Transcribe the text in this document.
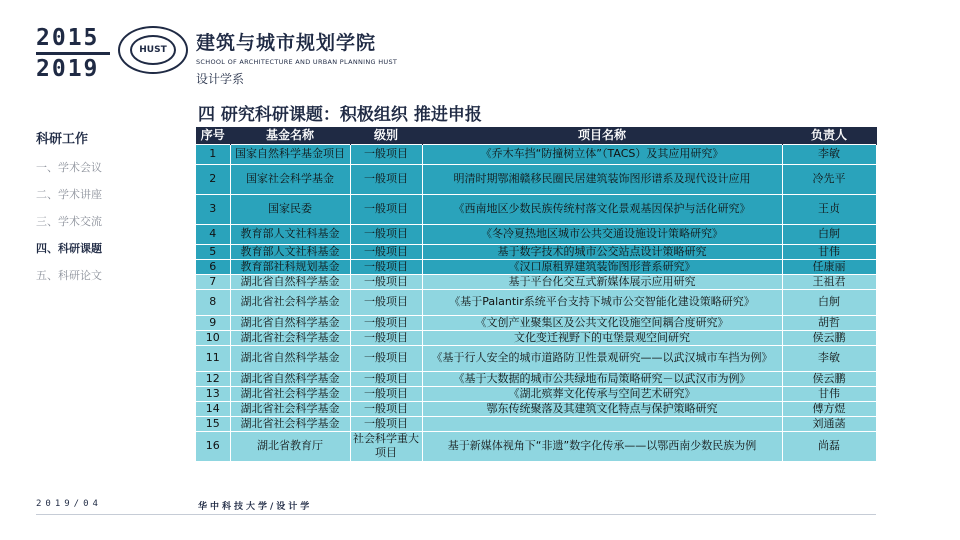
2015
2019
HUST	建筑与城市规划学院
SCHOOL OF ARCHITECTURE AND URBAN PLANNING HUST
设计学系
四 研究科研课题：积极组织 推进申报
科研工作
一、学术会议
二、学术讲座
三、学术交流
四、科研课题
五、科研论文
序号	基金名称	级别	项目名称	负责人
1	国家自然科学基金项目	一般项目	《乔木车挡“防撞树立体”（TACS）及其应用研究》	李敏
2	国家社会科学基金	一般项目	明清时期鄂湘赣移民圈民居建筑装饰图形谱系及现代设计应用	冷先平
3	国家民委	一般项目	《西南地区少数民族传统村落文化景观基因保护与活化研究》	王贞
4	教育部人文社科基金	一般项目	《冬冷夏热地区城市公共交通设施设计策略研究》	白舸
5	教育部人文社科基金	一般项目	基于数字技术的城市公交站点设计策略研究	甘伟
6	教育部社科规划基金	一般项目	《汉口原租界建筑装饰图形普系研究》	任康丽
7	湖北省自然科学基金	一般项目	基于平台化交互式新媒体展示应用研究	王祖君
8	湖北省社会科学基金	一般项目	《基于Palantir系统平台支持下城市公交智能化建设策略研究》	白舸
9	湖北省自然科学基金	一般项目	《文创产业聚集区及公共文化设施空间耦合度研究》	胡哲
10	湖北省社会科学基金	一般项目	文化变迁视野下的屯堡景观空间研究	侯云鹏
11	湖北省自然科学基金	一般项目	《基于行人安全的城市道路防卫性景观研究——以武汉城市车挡为例》	李敏
12	湖北省自然科学基金	一般项目	《基于大数据的城市公共绿地布局策略研究－以武汉市为例》	侯云鹏
13	湖北省社会科学基金	一般项目	《湖北殡葬文化传承与空间艺术研究》	甘伟
14	湖北省社会科学基金	一般项目	鄂东传统聚落及其建筑文化特点与保护策略研究	傅方煜
15	湖北省社会科学基金	一般项目		刘通菡
16	湖北省教育厅	社会科学重大项目	基于新媒体视角下“非遗”数字化传承——以鄂西南少数民族为例	尚磊
2019/04	华中科技大学/设计学
